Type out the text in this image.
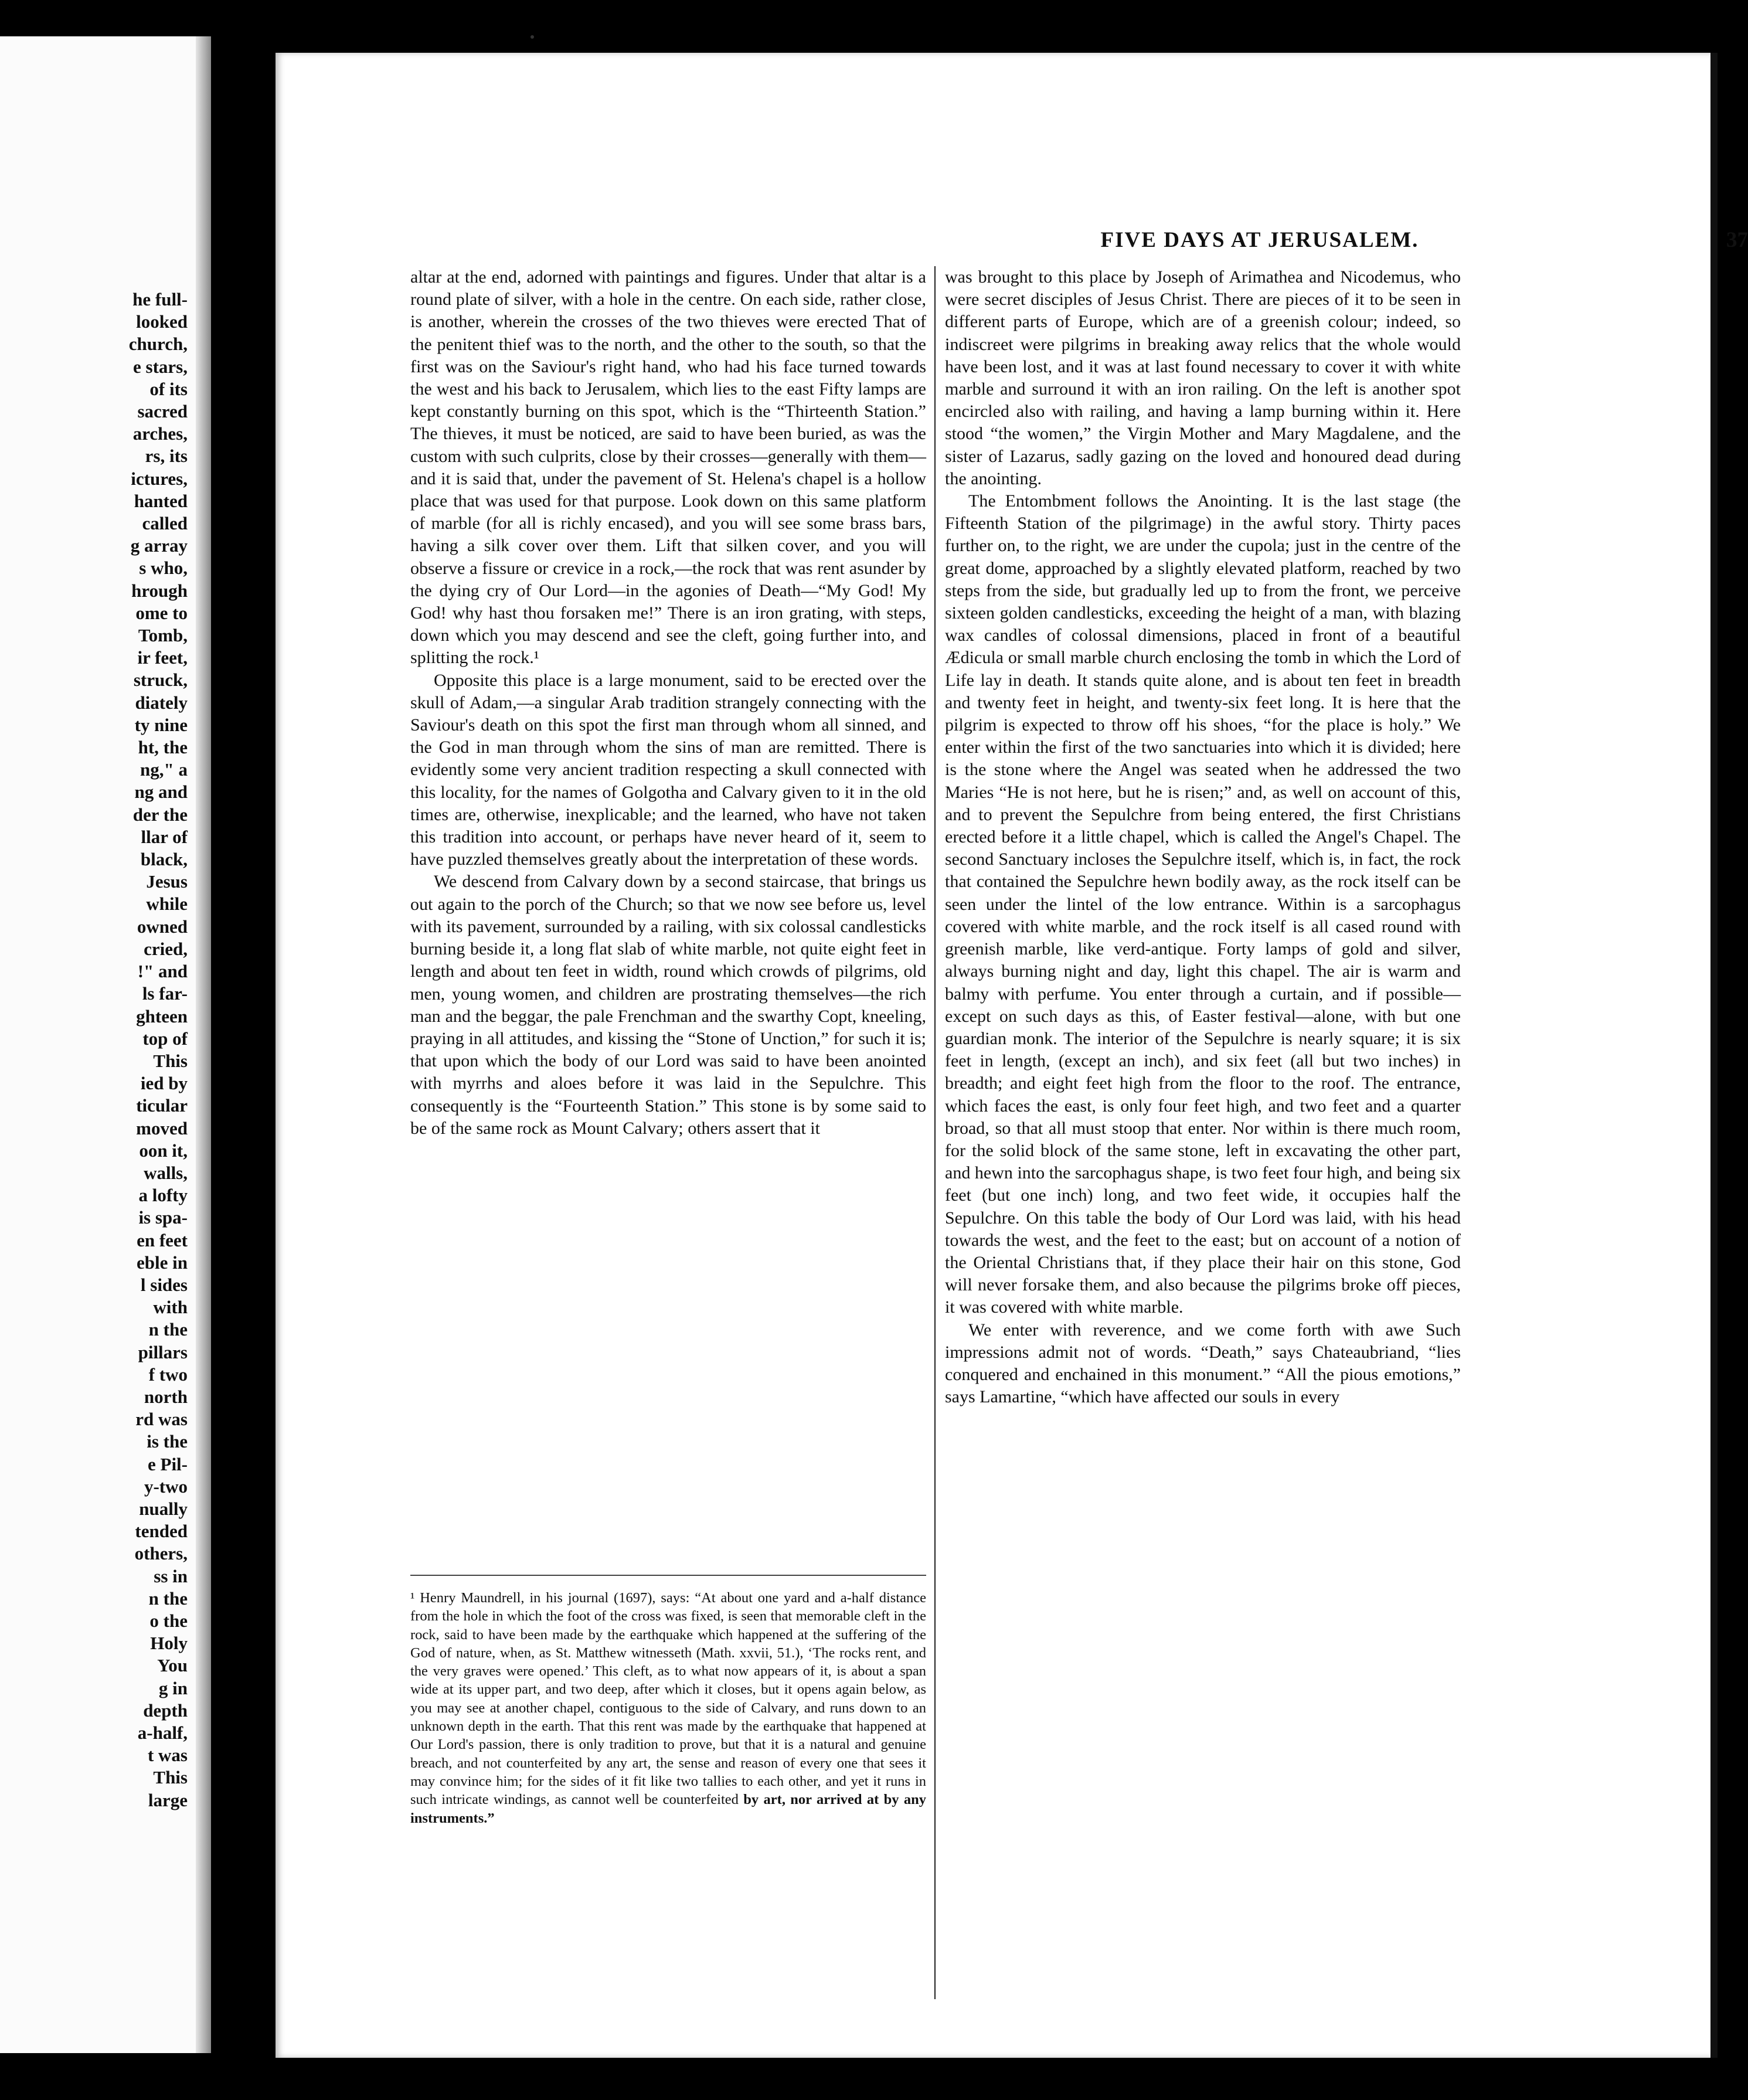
he full-
looked
church,
e stars,
of its
sacred
arches,
rs, its
ictures,
hanted
called
g array
s who,
hrough
ome to
Tomb,
ir feet,
struck,
diately
ty nine
ht, the
ng," a
ng and
der the
llar of
black,
Jesus
while
owned
cried,
!" and
ls far-
ghteen
top of
This
ied by
ticular
moved
oon it,
walls,
a lofty
is spa-
en feet
eble in
l sides
with
n the
pillars
f two
north
rd was
is the
e Pil-
y-two
nually
tended
others,
ss in
n the
o the
Holy
You
g in
depth
a-half,
t was
This
large
FIVE DAYS AT JERUSALEM.	37

altar at the end, adorned with paintings and figures. Under that altar is a round plate of silver, with a hole in the centre. On each side, rather close, is another, wherein the crosses of the two thieves were erected That of the penitent thief was to the north, and the other to the south, so that the first was on the Saviour's right hand, who had his face turned towards the west and his back to Jerusalem, which lies to the east Fifty lamps are kept constantly burning on this spot, which is the “Thirteenth Station.” The thieves, it must be noticed, are said to have been buried, as was the custom with such culprits, close by their crosses—generally with them—and it is said that, under the pavement of St. Helena's chapel is a hollow place that was used for that purpose. Look down on this same platform of marble (for all is richly encased), and you will see some brass bars, having a silk cover over them. Lift that silken cover, and you will observe a fissure or crevice in a rock,—the rock that was rent asunder by the dying cry of Our Lord—in the agonies of Death—“My God! My God! why hast thou forsaken me!” There is an iron grating, with steps, down which you may descend and see the cleft, going further into, and splitting the rock.¹

Opposite this place is a large monument, said to be erected over the skull of Adam,—a singular Arab tradition strangely connecting with the Saviour's death on this spot the first man through whom all sinned, and the God in man through whom the sins of man are remitted. There is evidently some very ancient tradition respecting a skull connected with this locality, for the names of Golgotha and Calvary given to it in the old times are, otherwise, inexplicable; and the learned, who have not taken this tradition into account, or perhaps have never heard of it, seem to have puzzled themselves greatly about the interpretation of these words.

We descend from Calvary down by a second staircase, that brings us out again to the porch of the Church; so that we now see before us, level with its pavement, surrounded by a railing, with six colossal candlesticks burning beside it, a long flat slab of white marble, not quite eight feet in length and about ten feet in width, round which crowds of pilgrims, old men, young women, and children are prostrating themselves—the rich man and the beggar, the pale Frenchman and the swarthy Copt, kneeling, praying in all attitudes, and kissing the “Stone of Unction,” for such it is; that upon which the body of our Lord was said to have been anointed with myrrhs and aloes before it was laid in the Sepulchre. This consequently is the “Fourteenth Station.” This stone is by some said to be of the same rock as Mount Calvary; others assert that it

¹ Henry Maundrell, in his journal (1697), says: “At about one yard and a-half distance from the hole in which the foot of the cross was fixed, is seen that memorable cleft in the rock, said to have been made by the earthquake which happened at the suffering of the God of nature, when, as St. Matthew witnesseth (Math. xxvii, 51.), ‘The rocks rent, and the very graves were opened.’ This cleft, as to what now appears of it, is about a span wide at its upper part, and two deep, after which it closes, but it opens again below, as you may see at another chapel, contiguous to the side of Calvary, and runs down to an unknown depth in the earth. That this rent was made by the earthquake that happened at Our Lord's passion, there is only tradition to prove, but that it is a natural and genuine breach, and not counterfeited by any art, the sense and reason of every one that sees it may convince him; for the sides of it fit like two tallies to each other, and yet it runs in such intricate windings, as cannot well be counterfeited by art, nor arrived at by any instruments.”

was brought to this place by Joseph of Arimathea and Nicodemus, who were secret disciples of Jesus Christ. There are pieces of it to be seen in different parts of Europe, which are of a greenish colour; indeed, so indiscreet were pilgrims in breaking away relics that the whole would have been lost, and it was at last found necessary to cover it with white marble and surround it with an iron railing. On the left is another spot encircled also with railing, and having a lamp burning within it. Here stood “the women,” the Virgin Mother and Mary Magdalene, and the sister of Lazarus, sadly gazing on the loved and honoured dead during the anointing.

The Entombment follows the Anointing. It is the last stage (the Fifteenth Station of the pilgrimage) in the awful story. Thirty paces further on, to the right, we are under the cupola; just in the centre of the great dome, approached by a slightly elevated platform, reached by two steps from the side, but gradually led up to from the front, we perceive sixteen golden candlesticks, exceeding the height of a man, with blazing wax candles of colossal dimensions, placed in front of a beautiful Ædicula or small marble church enclosing the tomb in which the Lord of Life lay in death. It stands quite alone, and is about ten feet in breadth and twenty feet in height, and twenty-six feet long. It is here that the pilgrim is expected to throw off his shoes, “for the place is holy.” We enter within the first of the two sanctuaries into which it is divided; here is the stone where the Angel was seated when he addressed the two Maries “He is not here, but he is risen;” and, as well on account of this, and to prevent the Sepulchre from being entered, the first Christians erected before it a little chapel, which is called the Angel's Chapel. The second Sanctuary incloses the Sepulchre itself, which is, in fact, the rock that contained the Sepulchre hewn bodily away, as the rock itself can be seen under the lintel of the low entrance. Within is a sarcophagus covered with white marble, and the rock itself is all cased round with greenish marble, like verd-antique. Forty lamps of gold and silver, always burning night and day, light this chapel. The air is warm and balmy with perfume. You enter through a curtain, and if possible—except on such days as this, of Easter festival—alone, with but one guardian monk. The interior of the Sepulchre is nearly square; it is six feet in length, (except an inch), and six feet (all but two inches) in breadth; and eight feet high from the floor to the roof. The entrance, which faces the east, is only four feet high, and two feet and a quarter broad, so that all must stoop that enter. Nor within is there much room, for the solid block of the same stone, left in excavating the other part, and hewn into the sarcophagus shape, is two feet four high, and being six feet (but one inch) long, and two feet wide, it occupies half the Sepulchre. On this table the body of Our Lord was laid, with his head towards the west, and the feet to the east; but on account of a notion of the Oriental Christians that, if they place their hair on this stone, God will never forsake them, and also because the pilgrims broke off pieces, it was covered with white marble.

We enter with reverence, and we come forth with awe Such impressions admit not of words. “Death,” says Chateaubriand, “lies conquered and enchained in this monument.” “All the pious emotions,” says Lamartine, “which have affected our souls in every
